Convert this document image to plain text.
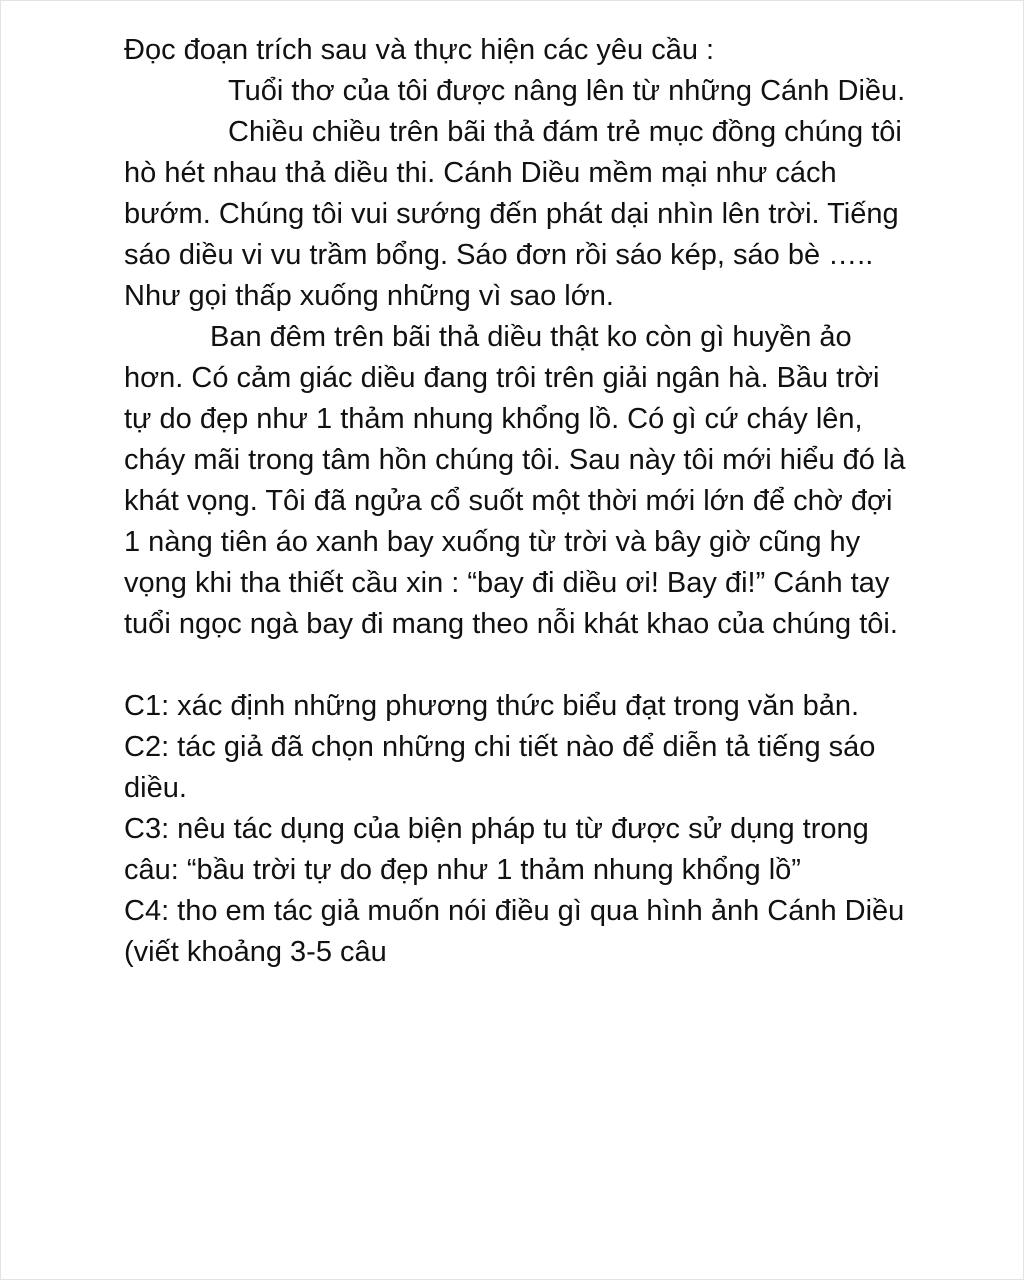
Đọc đoạn trích sau và thực hiện các yêu cầu :

Tuổi thơ của tôi được nâng lên từ những Cánh Diều.

Chiều chiều trên bãi thả đám trẻ mục đồng chúng tôi hò hét nhau thả diều thi. Cánh Diều mềm mại như cách bướm. Chúng tôi vui sướng đến phát dại nhìn lên trời. Tiếng sáo diều vi vu trầm bổng. Sáo đơn rồi sáo kép, sáo bè ….. Như gọi thấp xuống những vì sao lớn.

Ban đêm trên bãi thả diều thật ko còn gì huyền ảo hơn. Có cảm giác diều đang trôi trên giải ngân hà. Bầu trời tự do đẹp như 1 thảm nhung khổng lồ. Có gì cứ cháy lên, cháy mãi trong tâm hồn chúng tôi. Sau này tôi mới hiểu đó là khát vọng. Tôi đã ngửa cổ suốt một thời mới lớn để chờ đợi 1 nàng tiên áo xanh bay xuống từ trời và bây giờ cũng hy vọng khi tha thiết cầu xin : “bay đi diều ơi! Bay đi!” Cánh tay tuổi ngọc ngà bay đi mang theo nỗi khát khao của chúng tôi.

C1: xác định những phương thức biểu đạt trong văn bản.

C2: tác giả đã chọn những chi tiết nào để diễn tả tiếng sáo diều.

C3: nêu tác dụng của biện pháp tu từ được sử dụng trong câu: “bầu trời tự do đẹp như 1 thảm nhung khổng lồ”

C4: tho em tác giả muốn nói điều gì qua hình ảnh Cánh Diều (viết khoảng 3-5 câu
